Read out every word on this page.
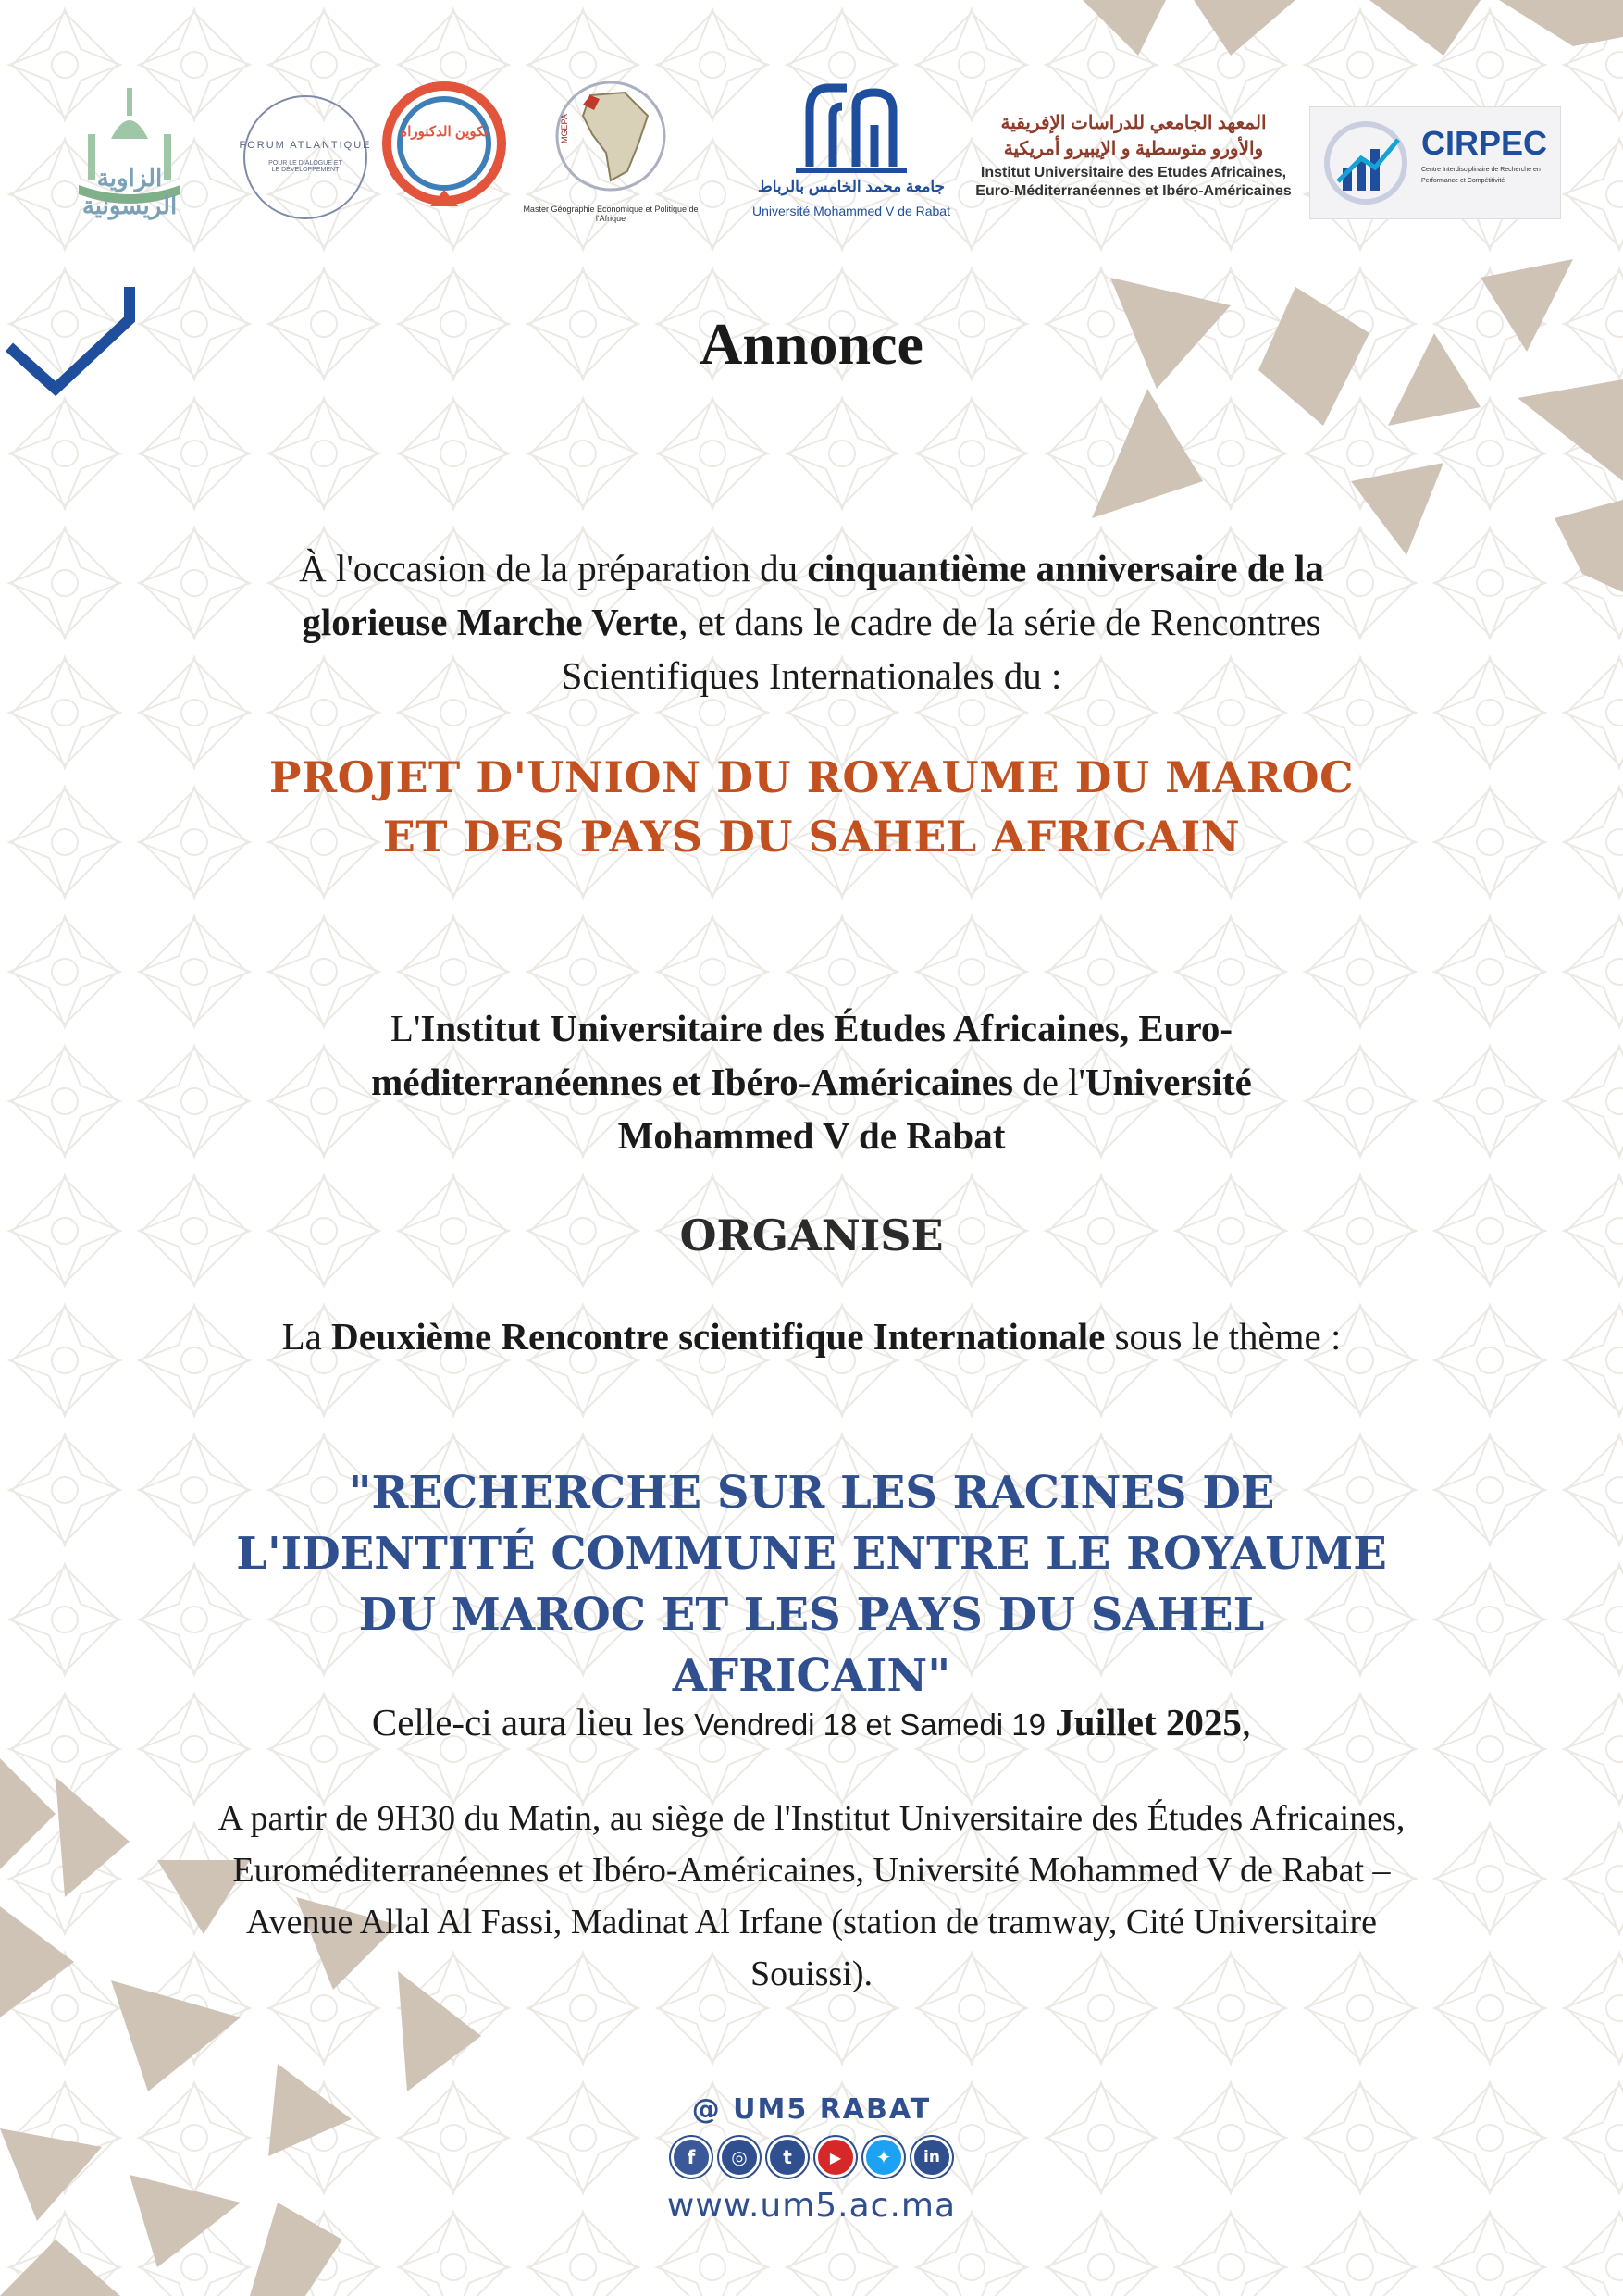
الزاوية الريسونية
FORUM ATLANTIQUE
POUR LE DIALOGUE ET LE DÉVELOPPEMENT
تكوين الدكتوراه	MGEPA
Master Géographie Économique et Politique de l'Afrique
جامعة محمد الخامس بالرباط
Université Mohammed V de Rabat
المعهد الجامعي للدراسات الإفريقية
والأورو متوسطية و الإيبيرو أمريكية
Institut Universitaire des Etudes Africaines,
Euro-Méditerranéennes et Ibéro-Américaines
CIRPEC
Centre Interdisciplinaire de Recherche en
Performance et Compétitivité
Annonce
À l'occasion de la préparation du cinquantième anniversaire de la glorieuse Marche Verte, et dans le cadre de la série de Rencontres Scientifiques Internationales du :
PROJET D'UNION DU ROYAUME DU MAROC ET DES PAYS DU SAHEL AFRICAIN
L'Institut Universitaire des Études Africaines, Euro-méditerranéennes et Ibéro-Américaines de l'Université Mohammed V de Rabat
ORGANISE
La Deuxième Rencontre scientifique Internationale sous le thème :
"RECHERCHE SUR LES RACINES DE L'IDENTITÉ COMMUNE ENTRE LE ROYAUME DU MAROC ET LES PAYS DU SAHEL AFRICAIN"
Celle-ci aura lieu les Vendredi 18 et Samedi 19 Juillet 2025,
A partir de 9H30 du Matin, au siège de l'Institut Universitaire des Études Africaines, Euroméditerranéennes et Ibéro-Américaines, Université Mohammed V de Rabat – Avenue Allal Al Fassi, Madinat Al Irfane (station de tramway, Cité Universitaire Souissi).
@ UM5 RABAT
f ◎ t	▶ ✦ in
www.um5.ac.ma
